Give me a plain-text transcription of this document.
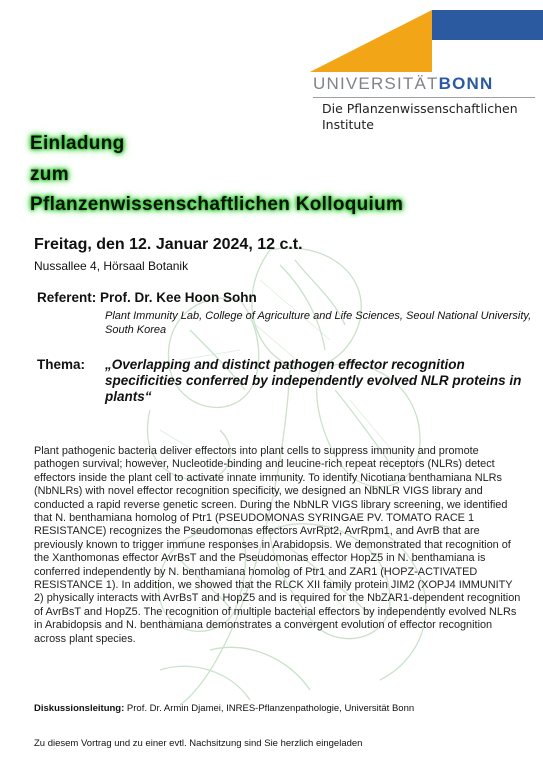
UNIVERSITÄTBONN
Die Pflanzenwissenschaftlichen
Institute
Einladung
zum
Pflanzenwissenschaftlichen Kolloquium
Freitag, den 12. Januar 2024, 12 c.t.
Nussallee 4, Hörsaal Botanik
Referent: Prof. Dr. Kee Hoon Sohn
Plant Immunity Lab, College of Agriculture and Life Sciences, Seoul National University, South Korea
Thema: „Overlapping and distinct pathogen effector recognition specificities conferred by independently evolved NLR proteins in plants“
Plant pathogenic bacteria deliver effectors into plant cells to suppress immunity and promote pathogen survival; however, Nucleotide-binding and leucine-rich repeat receptors (NLRs) detect effectors inside the plant cell to activate innate immunity. To identify Nicotiana benthamiana NLRs (NbNLRs) with novel effector recognition specificity, we designed an NbNLR VIGS library and conducted a rapid reverse genetic screen. During the NbNLR VIGS library screening, we identified that N. benthamiana homolog of Ptr1 (PSEUDOMONAS SYRINGAE PV. TOMATO RACE 1 RESISTANCE) recognizes the Pseudomonas effectors AvrRpt2, AvrRpm1, and AvrB that are previously known to trigger immune responses in Arabidopsis. We demonstrated that recognition of the Xanthomonas effector AvrBsT and the Pseudomonas effector HopZ5 in N. benthamiana is conferred independently by N. benthamiana homolog of Ptr1 and ZAR1 (HOPZ-ACTIVATED RESISTANCE 1). In addition, we showed that the RLCK XII family protein JIM2 (XOPJ4 IMMUNITY 2) physically interacts with AvrBsT and HopZ5 and is required for the NbZAR1-dependent recognition of AvrBsT and HopZ5. The recognition of multiple bacterial effectors by independently evolved NLRs in Arabidopsis and N. benthamiana demonstrates a convergent evolution of effector recognition across plant species.
Diskussionsleitung: Prof. Dr. Armin Djamei, INRES-Pflanzenpathologie, Universität Bonn
Zu diesem Vortrag und zu einer evtl. Nachsitzung sind Sie herzlich eingeladen
